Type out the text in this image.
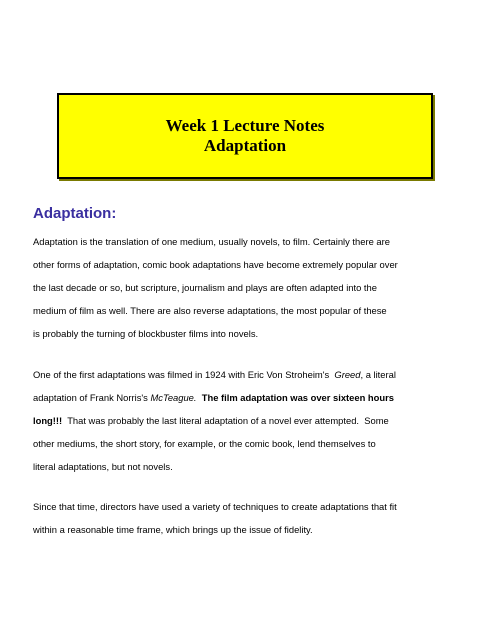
Week 1 Lecture Notes
Adaptation
Adaptation:
Adaptation is the translation of one medium, usually novels, to film. Certainly there are
other forms of adaptation, comic book adaptations have become extremely popular over
the last decade or so, but scripture, journalism and plays are often adapted into the
medium of film as well. There are also reverse adaptations, the most popular of these
is probably the turning of blockbuster films into novels.
One of the first adaptations was filmed in 1924 with Eric Von Stroheim's  Greed, a literal
adaptation of Frank Norris's McTeague. The film adaptation was over sixteen hours
long!!!  That was probably the last literal adaptation of a novel ever attempted.  Some
other mediums, the short story, for example, or the comic book, lend themselves to
literal adaptations, but not novels.
Since that time, directors have used a variety of techniques to create adaptations that fit
within a reasonable time frame, which brings up the issue of fidelity.
